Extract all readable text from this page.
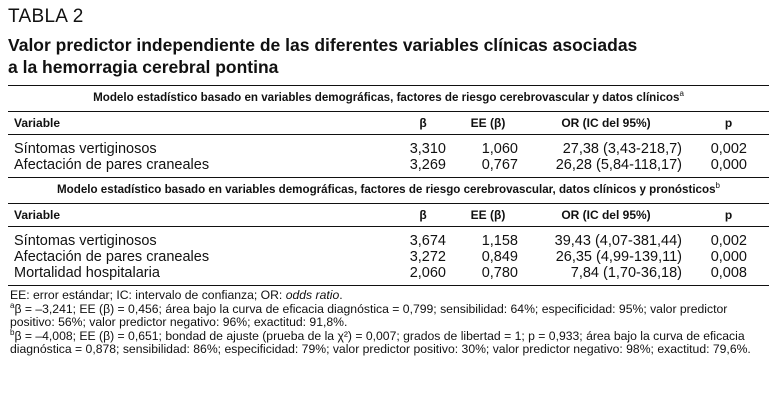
TABLA 2
Valor predictor independiente de las diferentes variables clínicas asociadas
a la hemorragia cerebral pontina
Modelo estadístico basado en variables demográficas, factores de riesgo cerebrovascular y datos clínicos$^a$
Variable	β	EE (β)	OR (IC del 95%)	p

Síntomas vertiginosos	3,310	1,060	27,38 (3,43-218,7)	0,002
Afectación de pares craneales	3,269	0,767	26,28 (5,84-118,17)	0,000

Modelo estadístico basado en variables demográficas, factores de riesgo cerebrovascular, datos clínicos y pronósticos$^b$
Variable	β	EE (β)	OR (IC del 95%)	p

Síntomas vertiginosos	3,674	1,158	39,43 (4,07-381,44)	0,002
Afectación de pares craneales	3,272	0,849	26,35 (4,99-139,11)	0,000
Mortalidad hospitalaria	2,060	0,780	7,84 (1,70-36,18)	0,008

EE: error estándar; IC: intervalo de confianza; OR: odds ratio.

$^a$β = –3,241; EE (β) = 0,456; área bajo la curva de eficacia diagnóstica = 0,799; sensibilidad: 64%; especificidad: 95%; valor predictor positivo: 56%; valor predictor negativo: 96%; exactitud: 91,8%.

$^b$β = –4,008; EE (β) = 0,651; bondad de ajuste (prueba de la χ²) = 0,007; grados de libertad = 1; p = 0,933; área bajo la curva de eficacia diagnóstica = 0,878; sensibilidad: 86%; especificidad: 79%; valor predictor positivo: 30%; valor predictor negativo: 98%; exactitud: 79,6%.
